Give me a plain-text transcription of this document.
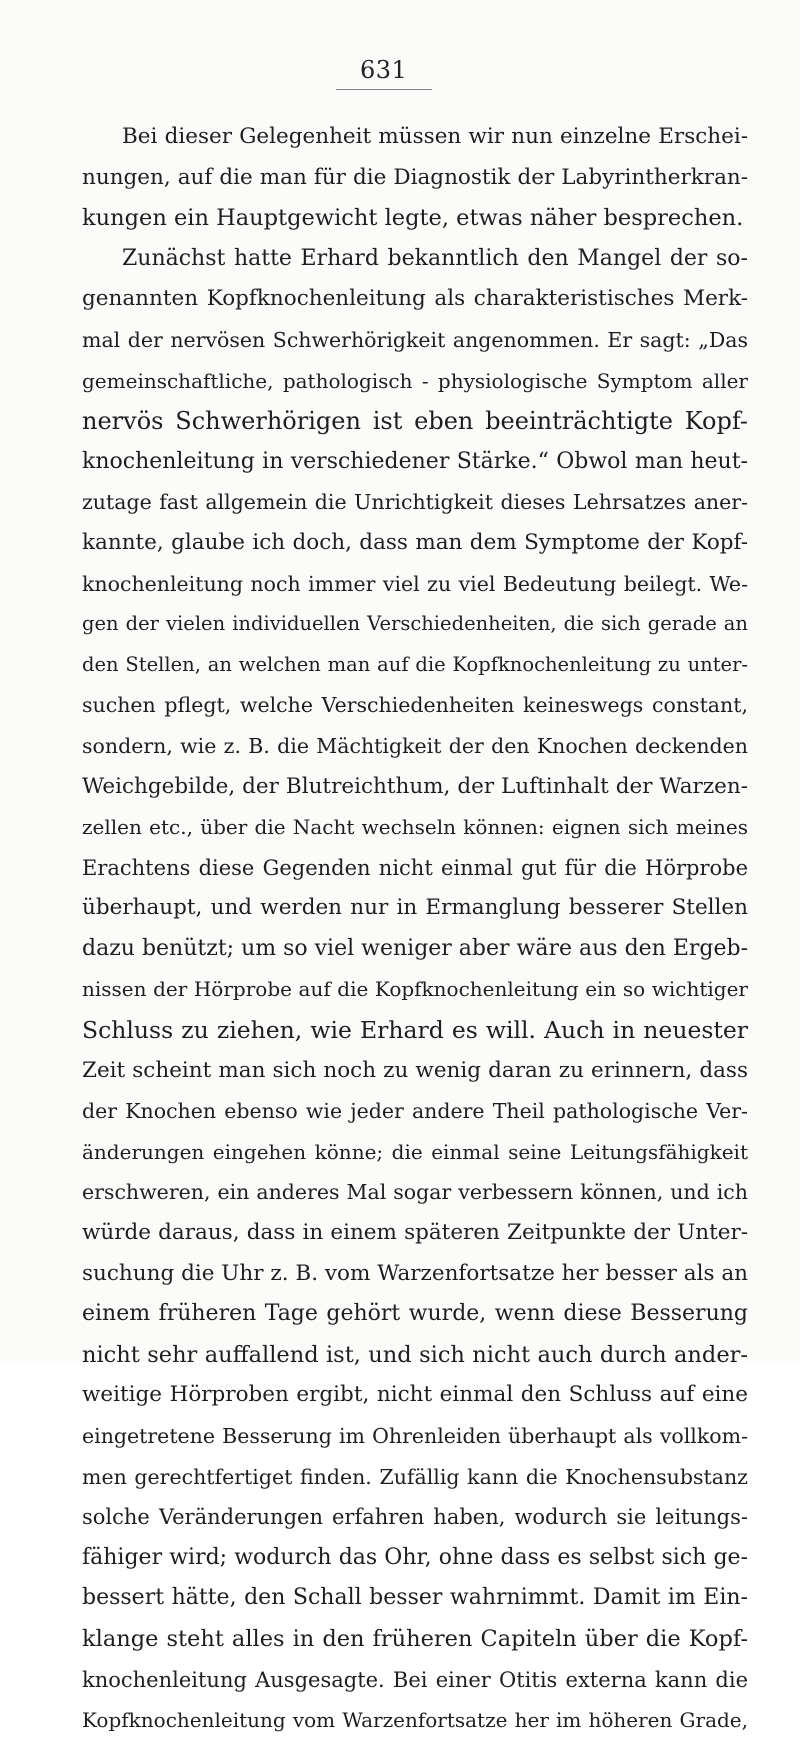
631
Bei dieser Gelegenheit müssen wir nun einzelne Erschei-
nungen, auf die man für die Diagnostik der Labyrintherkran-
kungen ein Hauptgewicht legte, etwas näher besprechen.
Zunächst hatte Erhard bekanntlich den Mangel der so-
genannten Kopfknochenleitung als charakteristisches Merk-
mal der nervösen Schwerhörigkeit angenommen. Er sagt: „Das
gemeinschaftliche, pathologisch - physiologische Symptom aller
nervös Schwerhörigen ist eben beeinträchtigte Kopf-
knochenleitung in verschiedener Stärke.“ Obwol man heut-
zutage fast allgemein die Unrichtigkeit dieses Lehrsatzes aner-
kannte, glaube ich doch, dass man dem Symptome der Kopf-
knochenleitung noch immer viel zu viel Bedeutung beilegt. We-
gen der vielen individuellen Verschiedenheiten, die sich gerade an
den Stellen, an welchen man auf die Kopfknochenleitung zu unter-
suchen pflegt, welche Verschiedenheiten keineswegs constant,
sondern, wie z. B. die Mächtigkeit der den Knochen deckenden
Weichgebilde, der Blutreichthum, der Luftinhalt der Warzen-
zellen etc., über die Nacht wechseln können: eignen sich meines
Erachtens diese Gegenden nicht einmal gut für die Hörprobe
überhaupt, und werden nur in Ermanglung besserer Stellen
dazu benützt; um so viel weniger aber wäre aus den Ergeb-
nissen der Hörprobe auf die Kopfknochenleitung ein so wichtiger
Schluss zu ziehen, wie Erhard es will. Auch in neuester
Zeit scheint man sich noch zu wenig daran zu erinnern, dass
der Knochen ebenso wie jeder andere Theil pathologische Ver-
änderungen eingehen könne; die einmal seine Leitungsfähigkeit
erschweren, ein anderes Mal sogar verbessern können, und ich
würde daraus, dass in einem späteren Zeitpunkte der Unter-
suchung die Uhr z. B. vom Warzenfortsatze her besser als an
einem früheren Tage gehört wurde, wenn diese Besserung
nicht sehr auffallend ist, und sich nicht auch durch ander-
weitige Hörproben ergibt, nicht einmal den Schluss auf eine
eingetretene Besserung im Ohrenleiden überhaupt als vollkom-
men gerechtfertiget finden. Zufällig kann die Knochensubstanz
solche Veränderungen erfahren haben, wodurch sie leitungs-
fähiger wird; wodurch das Ohr, ohne dass es selbst sich ge-
bessert hätte, den Schall besser wahrnimmt. Damit im Ein-
klange steht alles in den früheren Capiteln über die Kopf-
knochenleitung Ausgesagte. Bei einer Otitis externa kann die
Kopfknochenleitung vom Warzenfortsatze her im höheren Grade,
